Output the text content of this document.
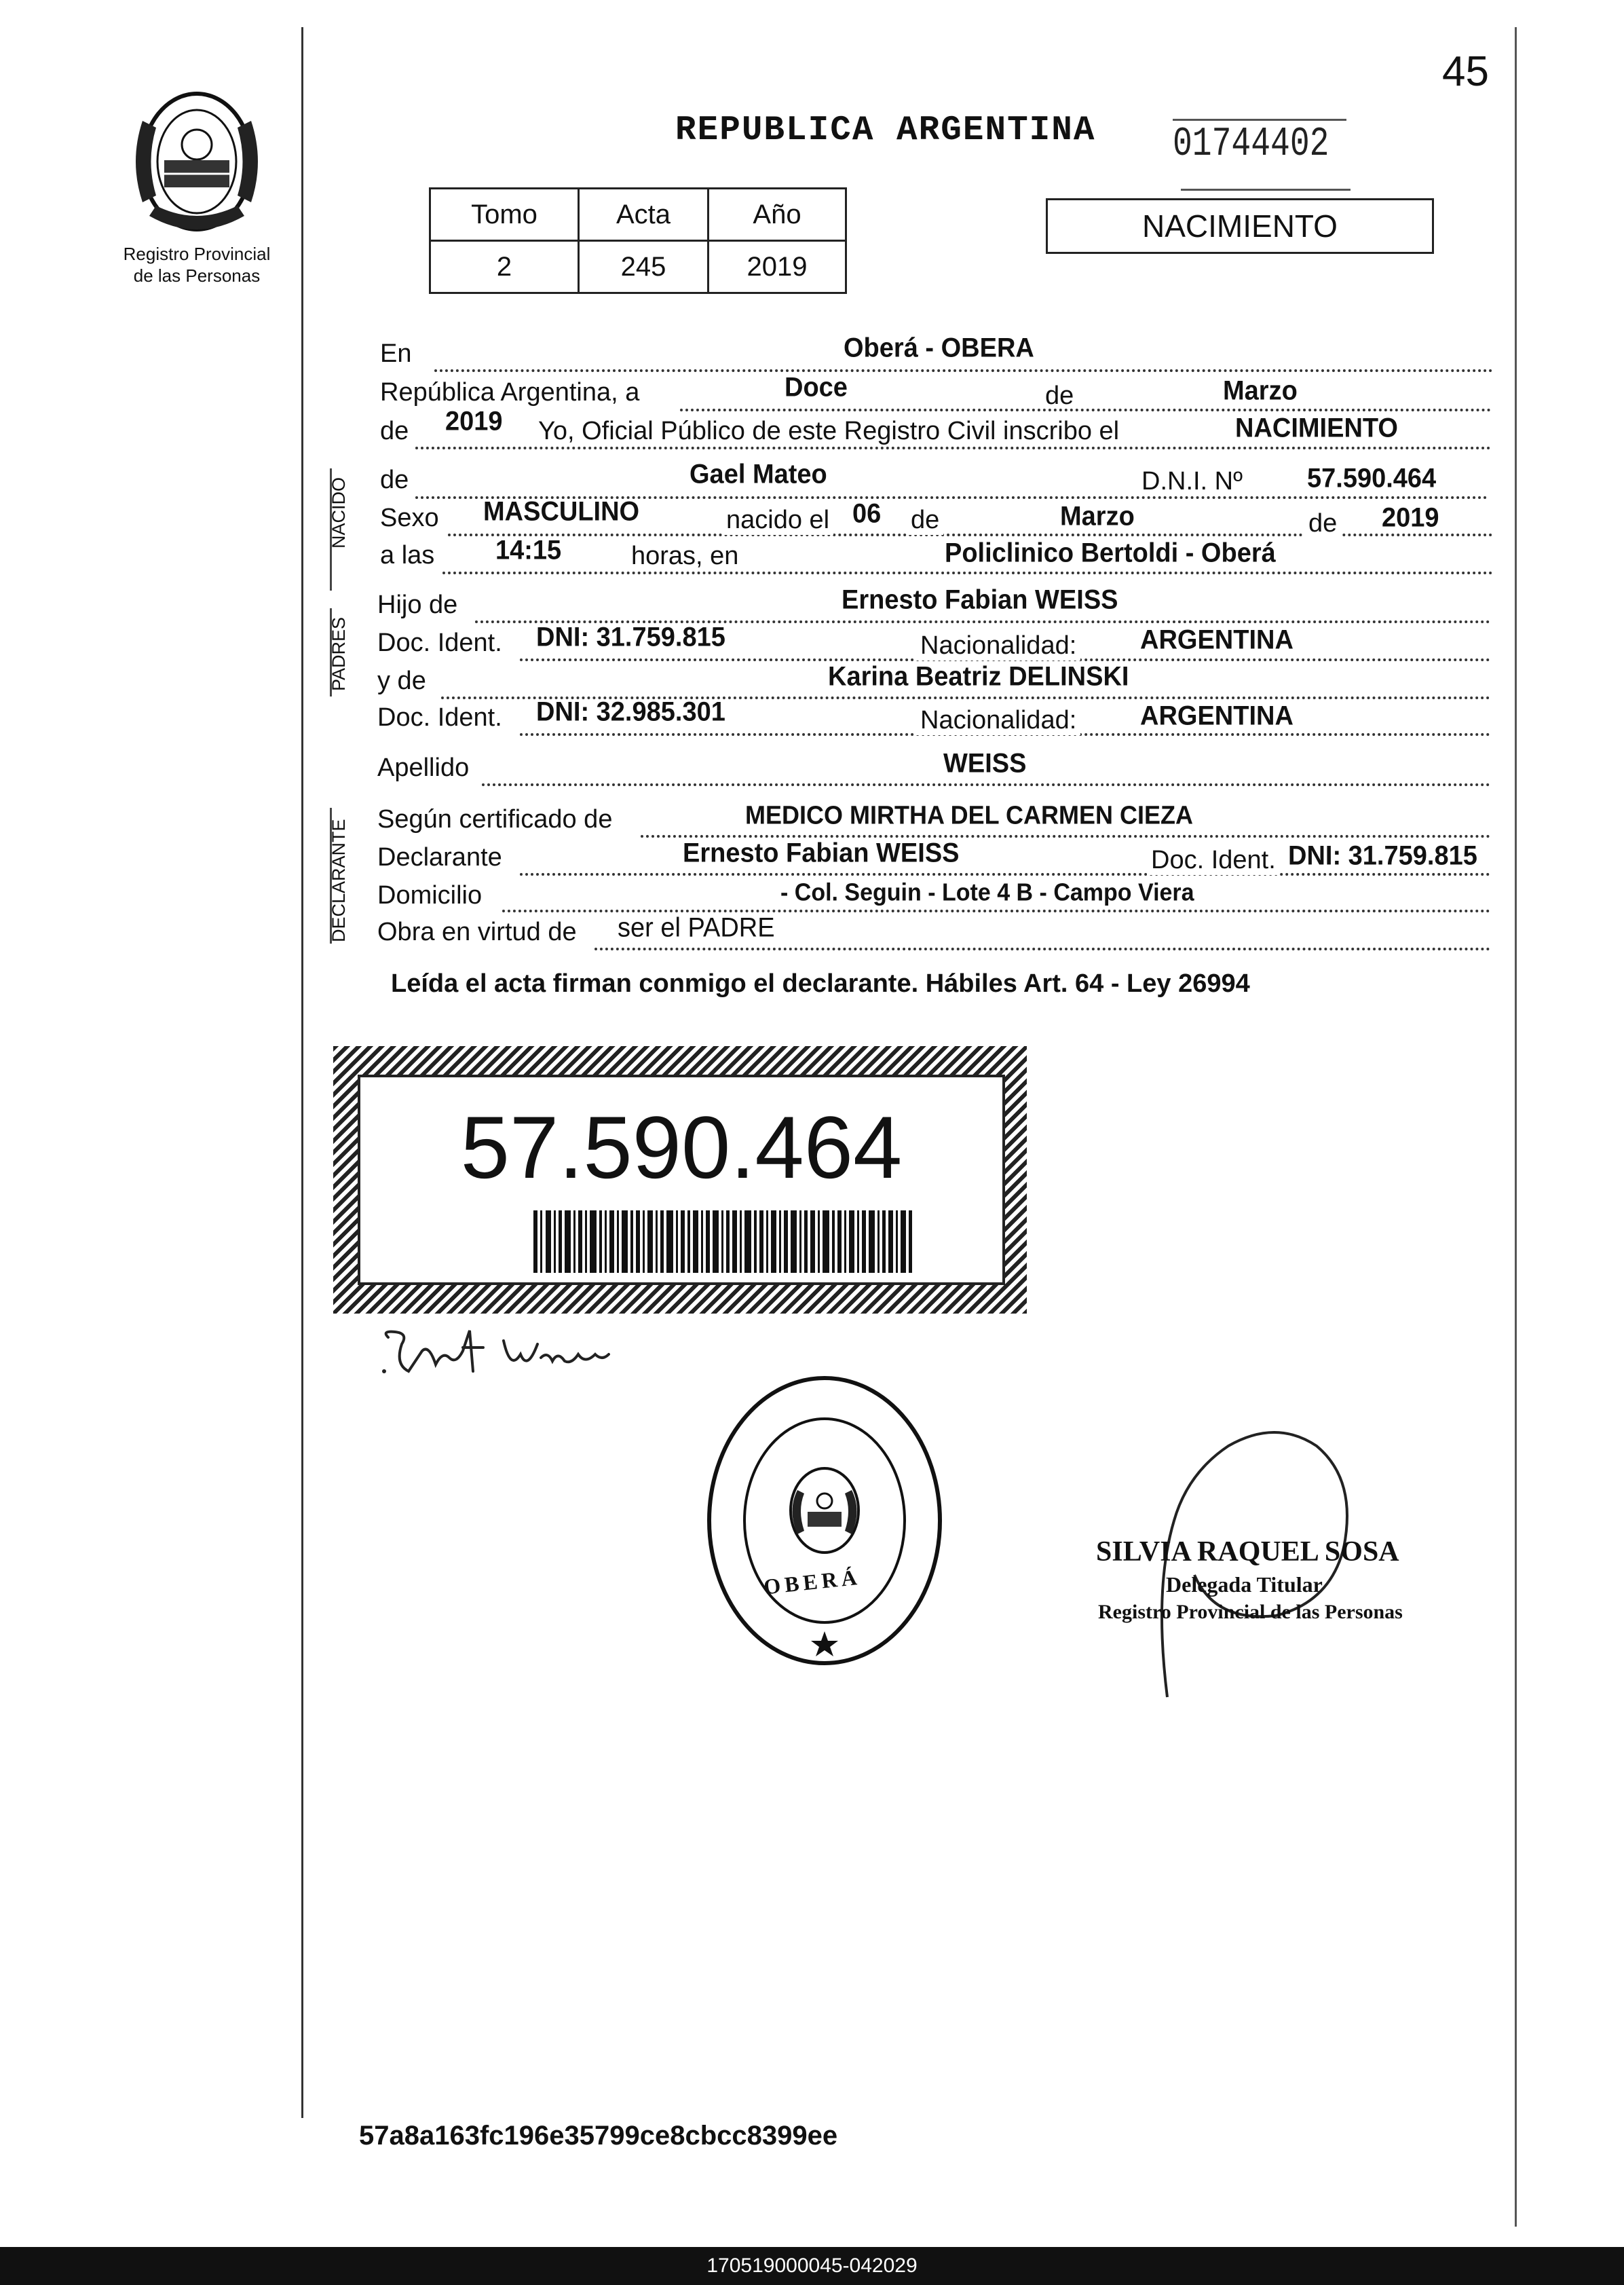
Registro Provincial
de las Personas
45
REPUBLICA ARGENTINA 01744402
Tomo	Acta	Año
2	245	2019
NACIMIENTO
NACIDO
PADRES
DECLARANTE
En	Oberá - OBERA
República Argentina, a	Doce	de	Marzo
de 2019 Yo, Oficial Público de este Registro Civil inscribo el	NACIMIENTO
de	Gael Mateo	D.N.I. Nº	57.590.464
Sexo MASCULINO	nacido el 06 de	Marzo	de 2019
a las 14:15	horas, en	Policlinico Bertoldi - Oberá
Hijo de	Ernesto Fabian WEISS
Doc. Ident. DNI: 31.759.815	Nacionalidad: ARGENTINA
y de	Karina Beatriz DELINSKI
Doc. Ident. DNI: 32.985.301	Nacionalidad: ARGENTINA
Apellido	WEISS
Según certificado de	MEDICO MIRTHA DEL CARMEN CIEZA
Declarante	Ernesto Fabian WEISS	Doc. Ident. DNI: 31.759.815
Domicilio	- Col. Seguin - Lote 4 B - Campo Viera
Obra en virtud de ser el PADRE
Leída el acta firman conmigo el declarante. Hábiles Art. 64 - Ley 26994
57.590.464
OBERÁ
SILVIA RAQUEL SOSA
Delegada Titular
Registro Provincial de las Personas
57a8a163fc196e35799ce8cbcc8399ee
170519000045-042029
